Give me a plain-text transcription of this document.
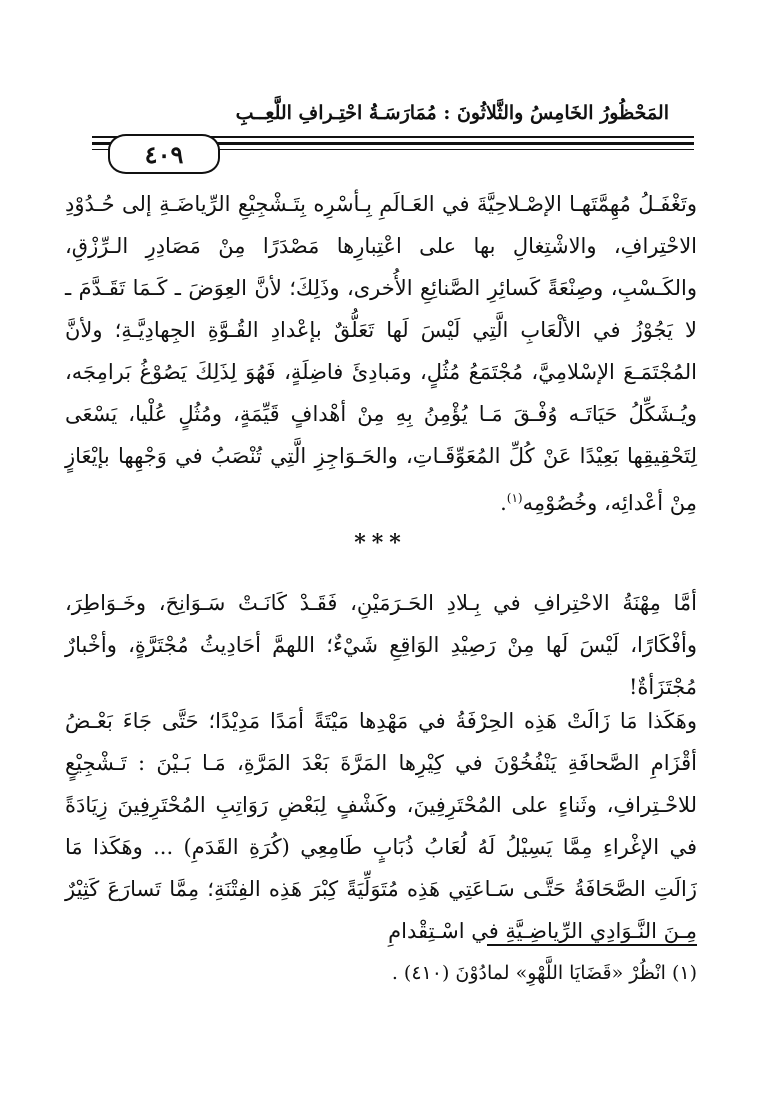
المَحْظُورُ الخَامِسُ والثَّلاثُونَ : مُمَارَسَـةُ احْتِـرافِ اللَّعِــبِ
٤٠٩

وتَغْفَـلُ مُهِمَّتَهـا الإصْـلاحِيَّةَ في العَـالَمِ بِـأسْرِه بِتَـشْجِيْعِ الرِّياضَـةِ إلى حُـدُوْدِ الاحْتِرافِ، والاشْتِغالِ بها على اعْتِبارِها مَصْدَرًا مِنْ مَصَادِرِ الـرِّزْقِ، والكَـسْبِ، وصِنْعَةً كَسائِرِ الصَّنائِعِ الأُخرى، وذَلِكَ؛ لأنَّ العِوَضَ ـ كَـمَا تَقَـدَّمَ ـ لا يَجُوْزُ في الألْعَابِ الَّتِي لَيْسَ لَها تَعَلُّقٌ بإعْدادِ القُـوَّةِ الجِهادِيَّـةِ؛ ولأنَّ المُجْتَمَـعَ الإسْلامِيَّ، مُجْتَمَعُ مُثُلٍ، ومَبادِئَ فاضِلَةٍ، فَهُوَ لِذَلِكَ يَصُوْغُ بَرامِجَه، ويُـشَكِّلُ حَيَاتَـه وُفْـقَ مَـا يُؤْمِنُ بِهِ مِنْ أهْدافٍ قَيِّمَةٍ، ومُثُلٍ عُلْيا، يَسْعَى لِتَحْقِيقِها بَعِيْدًا عَنْ كُلِّ المُعَوِّقَـاتِ، والحَـوَاجِزِ الَّتِي تُنْصَبُ في وَجْهِها بإيْعَازٍ مِنْ أعْدائِه، وخُصُوْمِه$^{(١)}$.

***

أمَّا مِهْنَةُ الاحْتِرافِ في بِـلادِ الحَـرَمَيْنِ، فَقَـدْ كَانَـتْ سَـوَانِحَ، وخَـوَاطِرَ، وأفْكَارًا، لَيْسَ لَها مِنْ رَصِيْدِ الوَاقِعِ شَيْءٌ؛ اللهمَّ أحَادِيثُ مُجْتَرَّةٍ، وأخْبارٌ مُجْتَزَأةٌ!

وهَكَذا مَا زَالَتْ هَذِه الحِرْفَةُ في مَهْدِها مَيْتَةً أمَدًا مَدِيْدًا؛ حَتَّى جَاءَ بَعْـضُ أقْزَامِ الصَّحافَةِ يَنْفُخُوْنَ في كِيْرِها المَرَّةَ بَعْدَ المَرَّةِ، مَـا بَـيْنَ : تَـشْجِيْعٍ للاحْـتِرافِ، وثَناءٍ على المُحْتَرِفِينَ، وكَشْفٍ لِبَعْضِ رَوَاتِبِ المُحْتَرِفِينَ زِيَادَةً في الإغْراءِ مِمَّا يَسِيْلُ لَهُ لُعَابُ ذُبَابٍ طَامِعِي (كُرَةِ القَدَمِ) ... وهَكَذا مَا زَالَتِ الصَّحَافَةُ حَتَّـى سَـاعَتِي هَذِه مُتَوَلِّيَةً كِبْرَ هَذِه الفِتْنَةِ؛ مِمَّا تَسارَعَ كَثِيْرٌ مِـنَ النَّـوَادِي الرِّياضِـيَّةِ في اسْـتِقْدامِ

(١) انْظُرْ «قَضَايَا اللَّهْوِ» لمادُوْنَ (٤١٠) .
